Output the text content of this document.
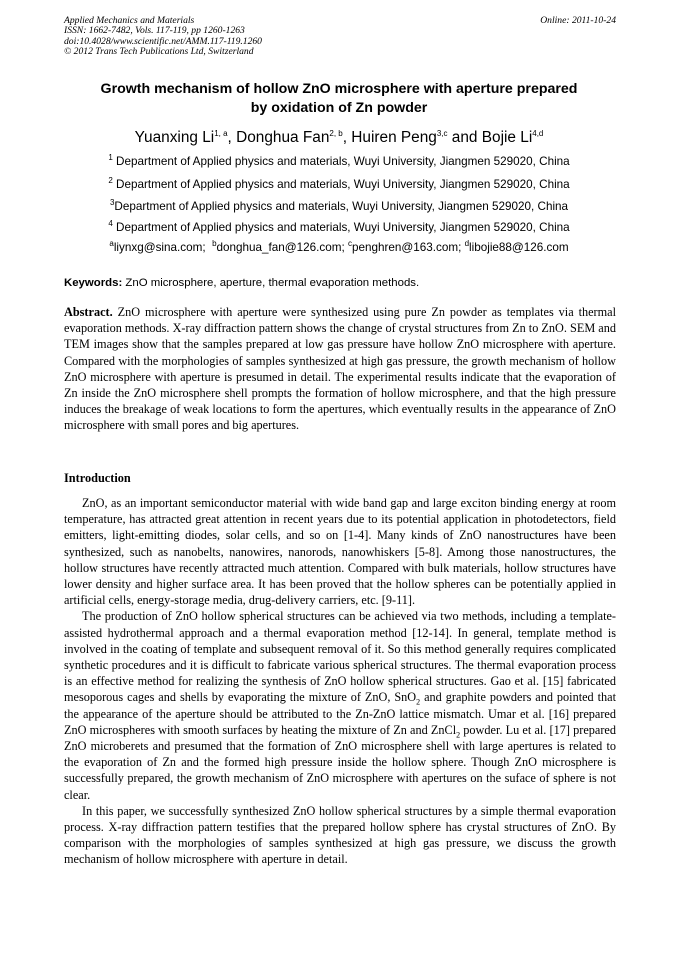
Applied Mechanics and Materials
ISSN: 1662-7482, Vols. 117-119, pp 1260-1263
doi:10.4028/www.scientific.net/AMM.117-119.1260
© 2012 Trans Tech Publications Ltd, Switzerland
Online: 2011-10-24
Growth mechanism of hollow ZnO microsphere with aperture prepared
by oxidation of Zn powder
Yuanxing Li$^{1, a}$, Donghua Fan$^{2, b}$, Huiren Peng$^{3,c}$ and Bojie Li$^{4,d}$
$^1$ Department of Applied physics and materials, Wuyi University, Jiangmen 529020, China
$^2$ Department of Applied physics and materials, Wuyi University, Jiangmen 529020, China
$^3$Department of Applied physics and materials, Wuyi University, Jiangmen 529020, China
$^4$ Department of Applied physics and materials, Wuyi University, Jiangmen 529020, China
$^a$liynxg@sina.com; $^b$donghua_fan@126.com; $^c$penghren@163.com; $^d$libojie88@126.com
Keywords: ZnO microsphere, aperture, thermal evaporation methods.
Abstract. ZnO microsphere with aperture were synthesized using pure Zn powder as templates via thermal evaporation methods. X-ray diffraction pattern shows the change of crystal structures from Zn to ZnO. SEM and TEM images show that the samples prepared at low gas pressure have hollow ZnO microsphere with aperture. Compared with the morphologies of samples synthesized at high gas pressure, the growth mechanism of hollow ZnO microsphere with aperture is presumed in detail. The experimental results indicate that the evaporation of Zn inside the ZnO microsphere shell prompts the formation of hollow microsphere, and that the high pressure induces the breakage of weak locations to form the apertures, which eventually results in the appearance of ZnO microsphere with small pores and big apertures.
Introduction

ZnO, as an important semiconductor material with wide band gap and large exciton binding energy at room temperature, has attracted great attention in recent years due to its potential application in photodetectors, field emitters, light-emitting diodes, solar cells, and so on [1-4]. Many kinds of ZnO nanostructures have been synthesized, such as nanobelts, nanowires, nanorods, nanowhiskers [5-8]. Among those nanostructures, the hollow structures have recently attracted much attention. Compared with bulk materials, hollow structures have lower density and higher surface area. It has been proved that the hollow spheres can be potentially applied in artificial cells, energy-storage media, drug-delivery carriers, etc. [9-11].

The production of ZnO hollow spherical structures can be achieved via two methods, including a template-assisted hydrothermal approach and a thermal evaporation method [12-14]. In general, template method is involved in the coating of template and subsequent removal of it. So this method generally requires complicated synthetic procedures and it is difficult to fabricate various spherical structures. The thermal evaporation process is an effective method for realizing the synthesis of ZnO hollow spherical structures. Gao et al. [15] fabricated mesoporous cages and shells by evaporating the mixture of ZnO, SnO$_2$ and graphite powders and pointed that the appearance of the aperture should be attributed to the Zn-ZnO lattice mismatch. Umar et al. [16] prepared ZnO microspheres with smooth surfaces by heating the mixture of Zn and ZnCl$_2$ powder. Lu et al. [17] prepared ZnO microberets and presumed that the formation of ZnO microsphere shell with large apertures is related to the evaporation of Zn and the formed high pressure inside the hollow sphere. Though ZnO microsphere is successfully prepared, the growth mechanism of ZnO microsphere with apertures on the suface of sphere is not clear.

In this paper, we successfully synthesized ZnO hollow spherical structures by a simple thermal evaporation process. X-ray diffraction pattern testifies that the prepared hollow sphere has crystal structures of ZnO. By comparison with the morphologies of samples synthesized at high gas pressure, we discuss the growth mechanism of hollow microsphere with aperture in detail.
